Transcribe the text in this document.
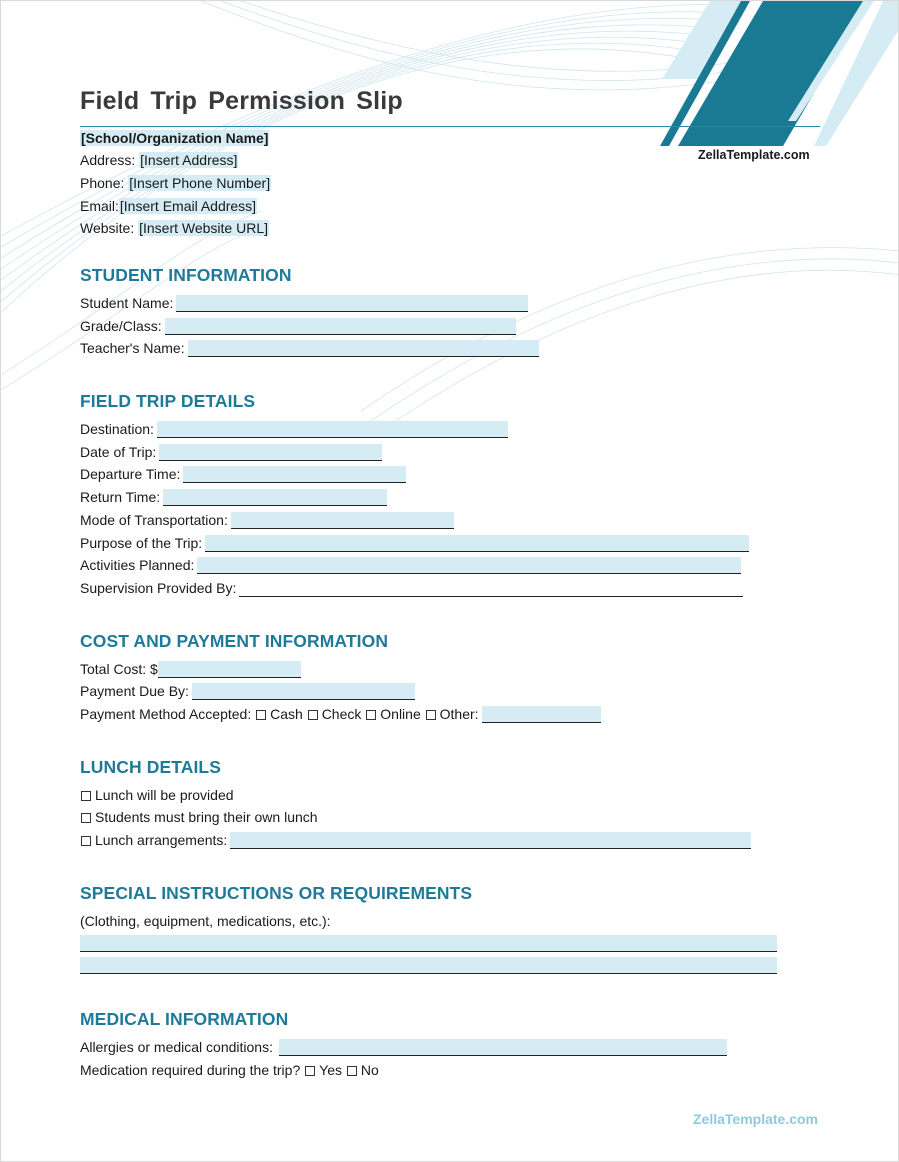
Field Trip Permission Slip
ZellaTemplate.com
[School/Organization Name]
Address: [Insert Address]
Phone: [Insert Phone Number]
Email:[Insert Email Address]
Website: [Insert Website URL]
STUDENT INFORMATION
Student Name:
Grade/Class:
Teacher's Name:
FIELD TRIP DETAILS
Destination:
Date of Trip:
Departure Time:
Return Time:
Mode of Transportation:
Purpose of the Trip:
Activities Planned:
Supervision Provided By:
COST AND PAYMENT INFORMATION
Total Cost: $
Payment Due By:
Payment Method Accepted: Cash Check Online Other:
LUNCH DETAILS
Lunch will be provided
Students must bring their own lunch
Lunch arrangements:
SPECIAL INSTRUCTIONS OR REQUIREMENTS
(Clothing, equipment, medications, etc.):
MEDICAL INFORMATION
Allergies or medical conditions:
Medication required during the trip? Yes No
ZellaTemplate.com
